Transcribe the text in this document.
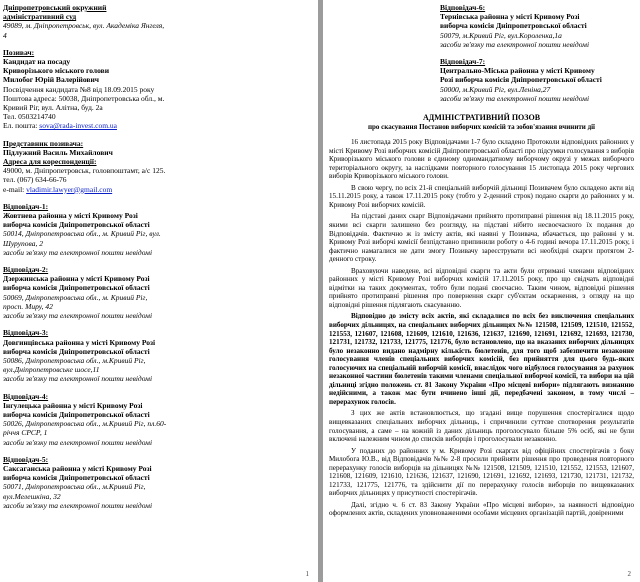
Дніпропетровський окружний
адміністративний суд
49089, м. Дніпропетровськ, вул. Академіка Янгеля,
4
Позивач:
Кандидат на посаду
Криворізького міського голови
Милобог Юрій Валерійович
Посвідчення кандидата №8 від 18.09.2015 року
Поштова адреса: 50038, Дніпропетровська обл., м.
Кривий Ріг, вул. Алітна, буд. 2а
Тел. 0503214740
Ел. пошта: sova@rada-invest.com.ua
Представник позивача:
Підлужний Василь Михайлович
Адреса для кореспонденції:
49000, м. Дніпропетровськ, головпоштамт, а/с 125.
тел. (067) 634-66-76
e-mail: vladimir.lawyer@gmail.com
Відповідач-1:
Жовтнева районна у місті Кривому Розі
виборча комісія Дніпропетровської області
50014, Дніпропетровська обл., м. Кривий Ріг, вул.
Шурупова, 2
засоби зв'язку та електронної пошти невідомі
Відповідач-2:
Дзержинська районна у місті Кривому Розі
виборча комісія Дніпропетровської області
50069, Дніпропетровська обл., м. Кривий Ріг,
просп. Миру, 42
засоби зв'язку та електронної пошти невідомі
Відповідач-3:
Довгинцівська районна у місті Кривому Розі
виборча комісія Дніпропетровської області
50086, Дніпропетровська обл., м.Кривий Ріг,
вул.Дніпропетровське шосе,11
засоби зв'язку та електронної пошти невідомі
Відповідач-4:
Інгулецька районна у місті Кривому Розі
виборча комісія Дніпропетровської області
50026, Дніпропетровська обл., м.Кривий Ріг, пл.60-
річчя СРСР, 1
засоби зв'язку та електронної пошти невідомі
Відповідач-5:
Саксаганська районна у місті Кривому Розі
виборча комісія Дніпропетровської області
50071, Дніпропетровська обл., м.Кривий Ріг,
вул.Мелешкіна, 32
засоби зв'язку та електронної пошти невідомі
1
Відповідач-6:
Тернівська районна у місті Кривому Розі
виборча комісія Дніпропетровської області
50079, м.Кривий Ріг, вул.Короленка,1а
засоби зв'язку та електронної пошти невідомі
Відповідач-7:
Центрально-Міська районна у місті Кривому
Розі виборча комісія Дніпропетровської області
50000, м.Кривий Ріг, вул.Леніна,27
засоби зв'язку та електронної пошти невідомі
АДМІНІСТРАТИВНИЙ ПОЗОВ
про скасування Постанов виборчих комісій та зобов'язання вчинити дії

16 листопада 2015 року Відповідачами 1-7 було складено Протоколи відповідних районних у місті Кривому Розі виборчих комісій Дніпропетровської області про підсумки голосування з виборів Криворізького міського голови в єдиному одномандатному виборчому окрузі у межах виборчого територіального округу, за наслідками повторного голосування 15 листопада 2015 року чергових виборів Криворізького міського голови.

В свою чергу, по всіх 21-й спеціальній виборчій дільниці Позивачем було складено акти від 15.11.2015 року, а також 17.11.2015 року (тобто у 2-денний строк) подано скарги до районних у м. Кривому Розі виборчих комісій.

На підставі даних скарг Відповідачами прийнято протиправні рішення від 18.11.2015 року, якими всі скарги залишено без розгляду, на підставі нібито несвоєчасного їх подання до Відповідачів. Фактично ж із змісту актів, які наявні у Позивача, вбачається, що районні у м. Кривому Розі виборчі комісії безпідставно припинили роботу о 4-6 годині вечора 17.11.2015 року, і фактично намагалися не дати змогу Позивачу зареєструвати всі необхідні скарги протягом 2-денного строку.

Враховуючи наведене, всі відповідні скарги та акти були отримані членами відповідних районних у місті Кривому Розі виборчих комісій 17.11.2015 року, про що свідчать відповідні відмітки на таких документах, тобто були подані своєчасно. Таким чином, відповідні рішення прийнято протиправні рішення про повернення скарг суб'єктам оскарження, з огляду на що відповідні рішення підлягають скасуванню.

Відповідно до змісту всіх актів, які складалися по всіх без виключення спеціальних виборчих дільницях, на спеціальних виборчих дільницях №№ 121508, 121509, 121510, 121552, 121553, 121607, 121608, 121609, 121610, 121636, 121637, 121690, 121691, 121692, 121693, 121730, 121731, 121732, 121733, 121775, 121776, було встановлено, що на вказаних виборчих дільницях було незаконно видано надмірну кількість бюлетенів, для того щоб забезпечити незаконне голосування членів спеціальних виборчих комісій, без прийняття для цього будь-яких голосуючих на спеціальній виборчій комісії, внаслідок чого відбулося голосування за рахунок незаконної частини бюлетенів такими членами спеціальної виборчої комісії, та вибори на цій дільниці згідно положень ст. 81 Закону України «Про місцеві вибори» підлягають визнанню недійсними, а також має бути вчинено інші дії, передбачені законом, в тому числі – перерахунок голосів.

З цих же актів встановлюється, що згадані вище порушення спостерігалися щодо вищевказаних спеціальних виборчих дільниць, і спричинили суттєве спотворення результатів голосування, а саме – на кожній із даних дільниць проголосувало більше 5% осіб, які не були включені належним чином до списків виборців і проголосували незаконно.

У поданих до районних у м. Кривому Розі скаргах від офіційних спостерігачів з боку Милобога Ю.В., від Відповідачів №№ 2-8 просили прийняти рішення про проведення повторного перерахунку голосів виборців на дільницях №№ 121508, 121509, 121510, 121552, 121553, 121607, 121608, 121609, 121610, 121636, 121637, 121690, 121691, 121692, 121693, 121730, 121731, 121732, 121733, 121775, 121776, та здійснити дії по перерахунку голосів виборців по вищевказаних виборчих дільницях у присутності спостерігачів.

Далі, згідно ч. 6 ст. 83 Закону України «Про місцеві вибори», за наявності відповідно оформлених актів, складених уповноваженими особами місцевих організацій партій, довіреними

2
